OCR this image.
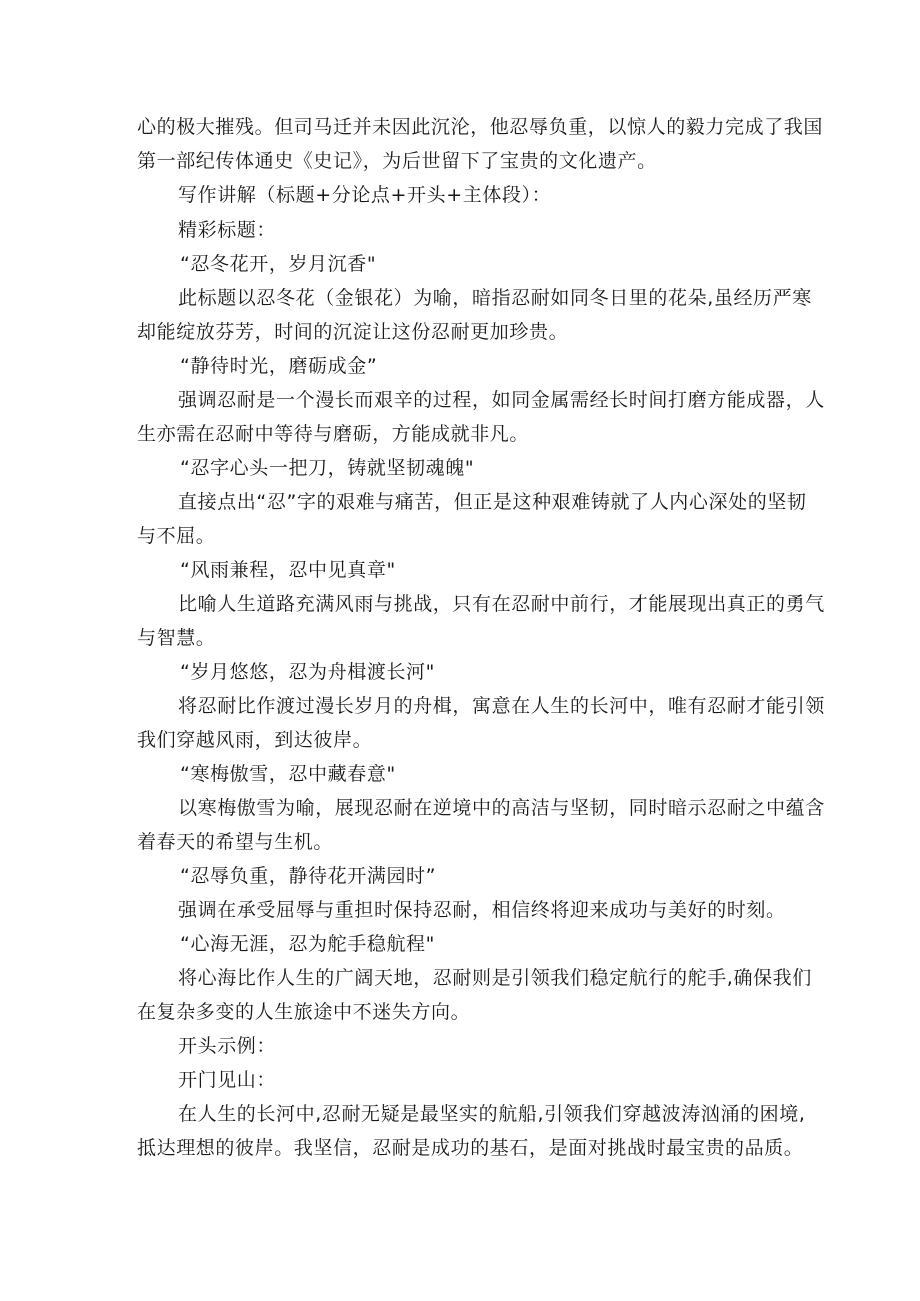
心的极大摧残。但司马迁并未因此沉沦，他忍辱负重，以惊人的毅力完成了我国
第一部纪传体通史《史记》，为后世留下了宝贵的文化遗产。
写作讲解（标题+分论点+开头+主体段）：
精彩标题：
“忍冬花开，岁月沉香"
此标题以忍冬花（金银花）为喻，暗指忍耐如同冬日里的花朵,虽经历严寒
却能绽放芬芳，时间的沉淀让这份忍耐更加珍贵。
“静待时光，磨砺成金”
强调忍耐是一个漫长而艰辛的过程，如同金属需经长时间打磨方能成器，人
生亦需在忍耐中等待与磨砺，方能成就非凡。
“忍字心头一把刀，铸就坚韧魂魄"
直接点出“忍”字的艰难与痛苦，但正是这种艰难铸就了人内心深处的坚韧
与不屈。
“风雨兼程，忍中见真章"
比喻人生道路充满风雨与挑战，只有在忍耐中前行，才能展现出真正的勇气
与智慧。
“岁月悠悠，忍为舟楫渡长河"
将忍耐比作渡过漫长岁月的舟楫，寓意在人生的长河中，唯有忍耐才能引领
我们穿越风雨，到达彼岸。
“寒梅傲雪，忍中藏春意"
以寒梅傲雪为喻，展现忍耐在逆境中的高洁与坚韧，同时暗示忍耐之中蕴含
着春天的希望与生机。
“忍辱负重，静待花开满园时”
强调在承受屈辱与重担时保持忍耐，相信终将迎来成功与美好的时刻。
“心海无涯，忍为舵手稳航程"
将心海比作人生的广阔天地，忍耐则是引领我们稳定航行的舵手,确保我们
在复杂多变的人生旅途中不迷失方向。
开头示例：
开门见山：
在人生的长河中,忍耐无疑是最坚实的航船,引领我们穿越波涛汹涌的困境,
抵达理想的彼岸。我坚信，忍耐是成功的基石，是面对挑战时最宝贵的品质。
